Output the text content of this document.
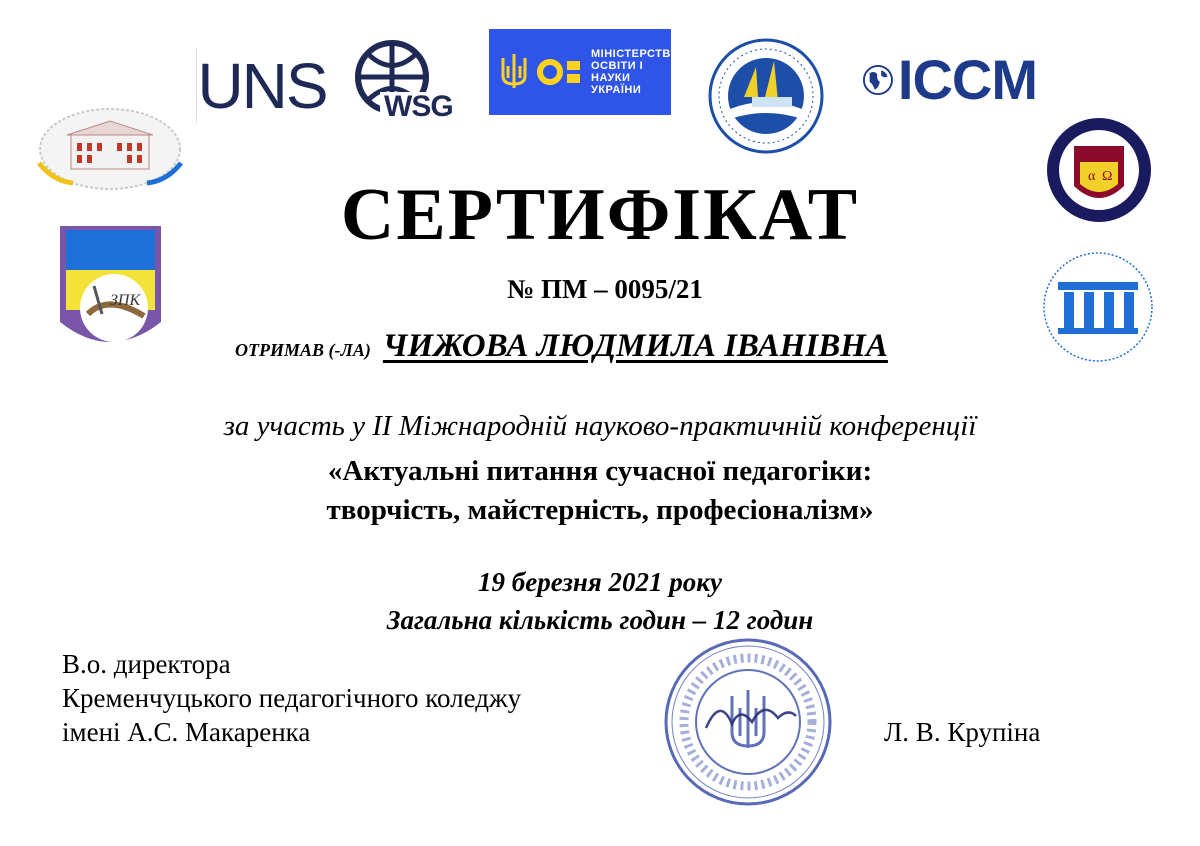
UNS WSG
МІНІСТЕРСТВО ОСВІТИ І НАУКИ УКРАЇНИ	ICCM
ЗПК
α Ω
СЕРТИФІКАТ
№ ПМ – 0095/21
ОТРИМАВ (-ЛА) ЧИЖОВА ЛЮДМИЛА ІВАНІВНА
за участь у ІІ Міжнародній науково-практичній конференції
«Актуальні питання сучасної педагогіки:
творчість, майстерність, професіоналізм»
19 березня 2021 року
Загальна кількість годин – 12 годин
В.о. директора
Кременчуцького педагогічного коледжу
імені А.С. Макаренка	Л. В. Крупіна
